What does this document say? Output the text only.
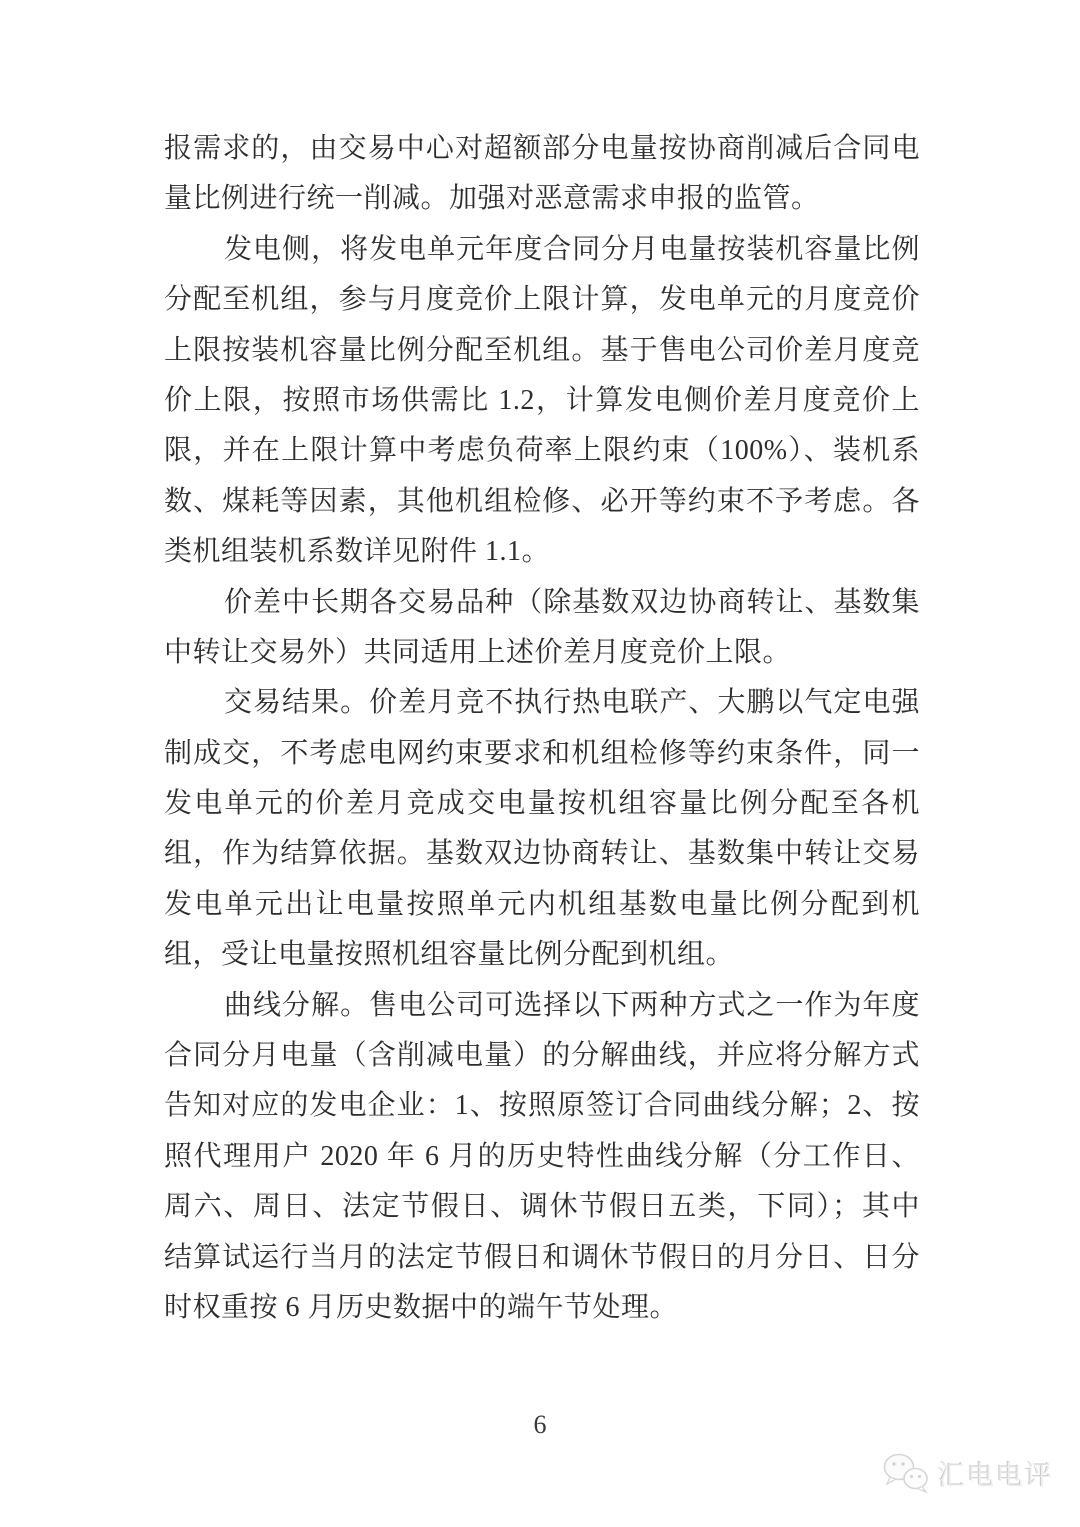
报需求的，由交易中心对超额部分电量按协商削减后合同电
量比例进行统一削减。加强对恶意需求申报的监管。
发电侧，将发电单元年度合同分月电量按装机容量比例
分配至机组，参与月度竞价上限计算，发电单元的月度竞价
上限按装机容量比例分配至机组。基于售电公司价差月度竞
价上限，按照市场供需比 1.2，计算发电侧价差月度竞价上
限，并在上限计算中考虑负荷率上限约束（100%）、装机系
数、煤耗等因素，其他机组检修、必开等约束不予考虑。各
类机组装机系数详见附件 1.1。
价差中长期各交易品种（除基数双边协商转让、基数集
中转让交易外）共同适用上述价差月度竞价上限。
交易结果。价差月竞不执行热电联产、大鹏以气定电强
制成交，不考虑电网约束要求和机组检修等约束条件，同一
发电单元的价差月竞成交电量按机组容量比例分配至各机
组，作为结算依据。基数双边协商转让、基数集中转让交易
发电单元出让电量按照单元内机组基数电量比例分配到机
组，受让电量按照机组容量比例分配到机组。
曲线分解。售电公司可选择以下两种方式之一作为年度
合同分月电量（含削减电量）的分解曲线，并应将分解方式
告知对应的发电企业：1、按照原签订合同曲线分解；2、按
照代理用户 2020 年 6 月的历史特性曲线分解（分工作日、
周六、周日、法定节假日、调休节假日五类，下同）；其中
结算试运行当月的法定节假日和调休节假日的月分日、日分
时权重按 6 月历史数据中的端午节处理。
6
汇电电评
